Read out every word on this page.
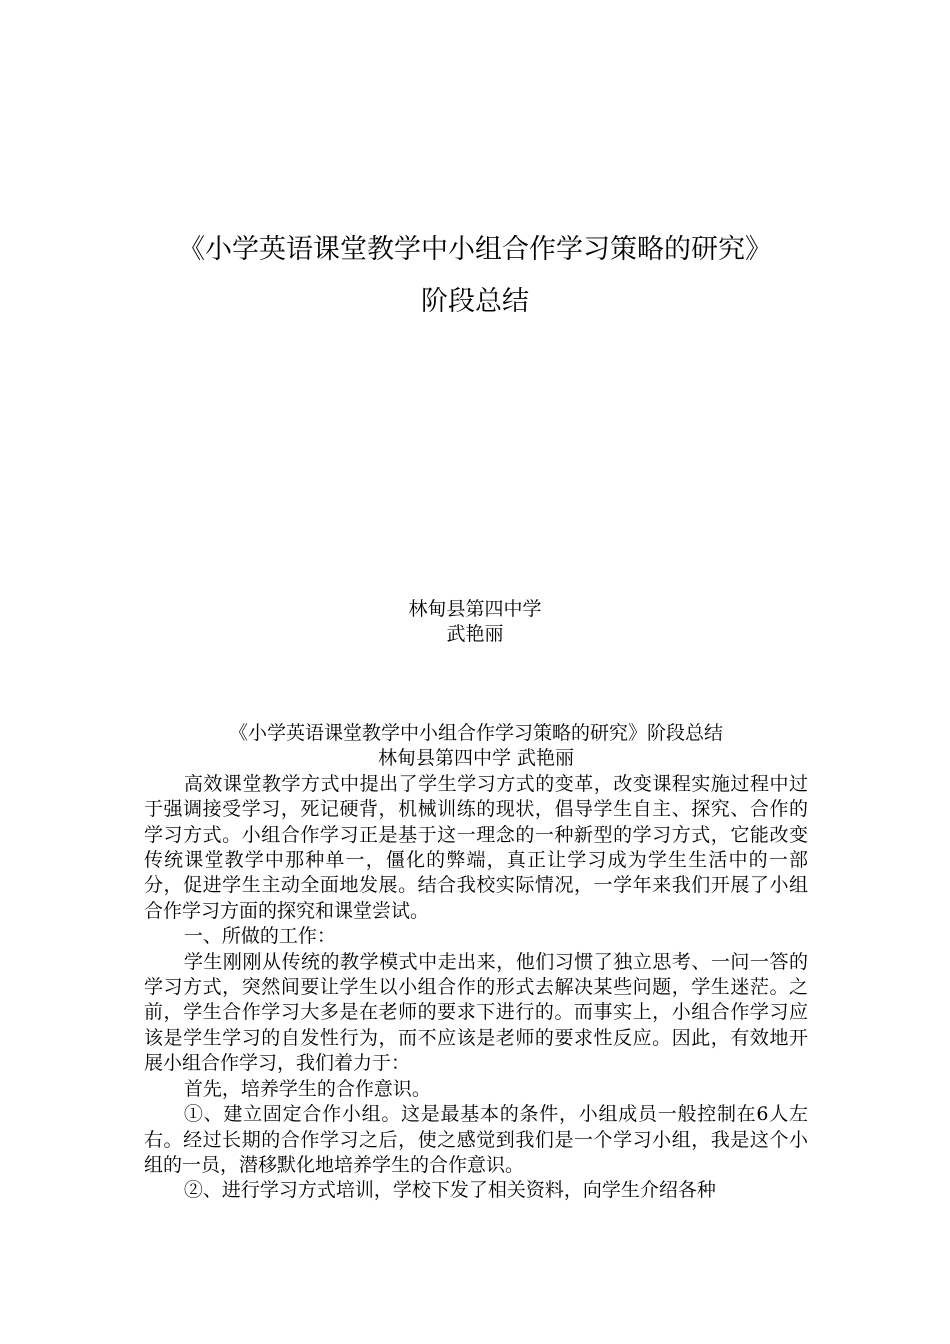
《小学英语课堂教学中小组合作学习策略的研究》
阶段总结
林甸县第四中学
武艳丽
《小学英语课堂教学中小组合作学习策略的研究》阶段总结
林甸县第四中学 武艳丽

高效课堂教学方式中提出了学生学习方式的变革，改变课程实施过程中过于强调接受学习，死记硬背，机械训练的现状，倡导学生自主、探究、合作的学习方式。小组合作学习正是基于这一理念的一种新型的学习方式，它能改变传统课堂教学中那种单一，僵化的弊端，真正让学习成为学生生活中的一部分，促进学生主动全面地发展。结合我校实际情况，一学年来我们开展了小组合作学习方面的探究和课堂尝试。

一、所做的工作：

学生刚刚从传统的教学模式中走出来，他们习惯了独立思考、一问一答的学习方式，突然间要让学生以小组合作的形式去解决某些问题，学生迷茫。之前，学生合作学习大多是在老师的要求下进行的。而事实上，小组合作学习应该是学生学习的自发性行为，而不应该是老师的要求性反应。因此，有效地开展小组合作学习，我们着力于：

首先，培养学生的合作意识。

①、建立固定合作小组。这是最基本的条件，小组成员一般控制在6人左右。经过长期的合作学习之后，使之感觉到我们是一个学习小组，我是这个小组的一员，潜移默化地培养学生的合作意识。

②、进行学习方式培训，学校下发了相关资料，向学生介绍各种
